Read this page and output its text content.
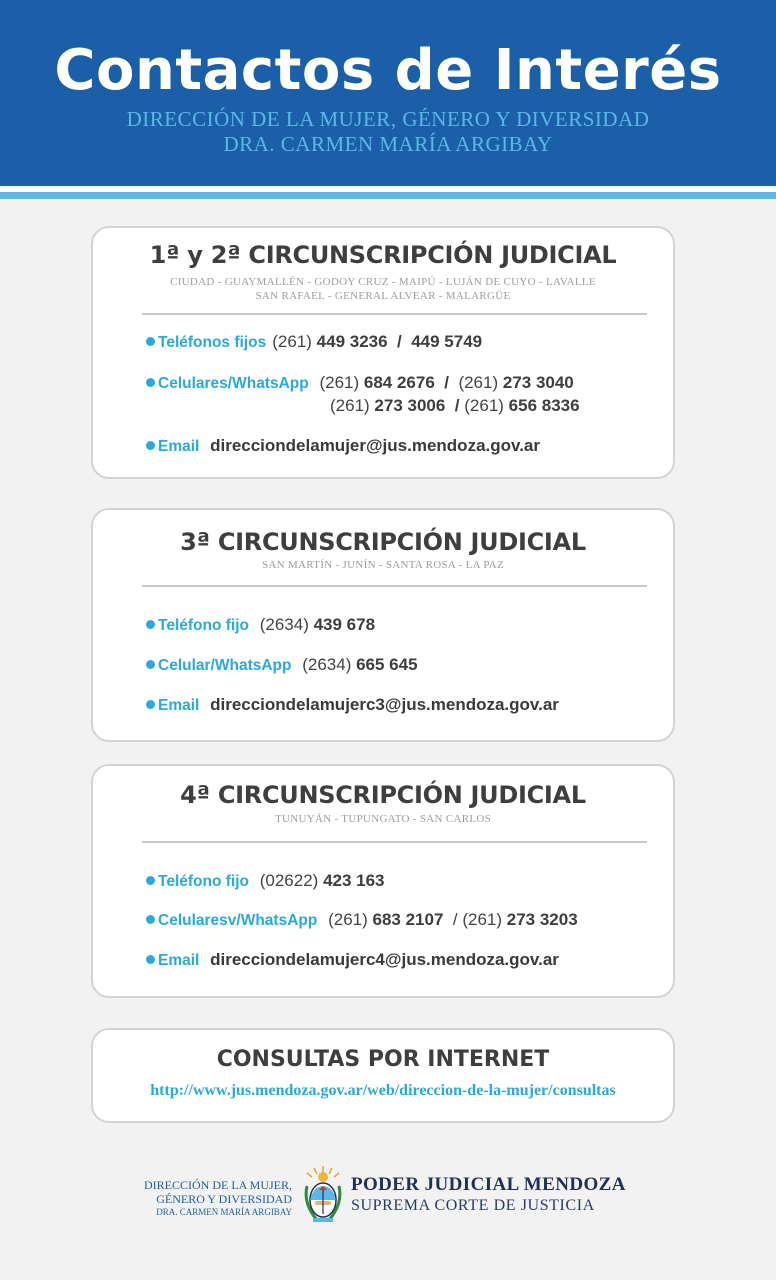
Contactos de Interés
DIRECCIÓN DE LA MUJER, GÉNERO Y DIVERSIDAD
DRA. CARMEN MARÍA ARGIBAY
1ª y 2ª CIRCUNSCRIPCIÓN JUDICIAL
CIUDAD - GUAYMALLÉN - GODOY CRUZ - MAIPÚ - LUJÁN DE CUYO - LAVALLE
SAN RAFAEL - GENERAL ALVEAR - MALARGÜE
Teléfonos fijos (261) 449 3236 / 449 5749
Celulares/WhatsApp (261) 684 2676 / (261) 273 3040
(261) 273 3006 / (261) 656 8336
Email direcciondelamujer@jus.mendoza.gov.ar
3ª CIRCUNSCRIPCIÓN JUDICIAL
SAN MARTÍN - JUNÍN - SANTA ROSA - LA PAZ
Teléfono fijo (2634) 439 678
Celular/WhatsApp (2634) 665 645
Email direcciondelamujerc3@jus.mendoza.gov.ar
4ª CIRCUNSCRIPCIÓN JUDICIAL
TUNUYÁN - TUPUNGATO - SAN CARLOS
Teléfono fijo (02622) 423 163
Celularesv/WhatsApp (261) 683 2107 / (261) 273 3203
Email direcciondelamujerc4@jus.mendoza.gov.ar
CONSULTAS POR INTERNET
http://www.jus.mendoza.gov.ar/web/direccion-de-la-mujer/consultas
DIRECCIÓN DE LA MUJER,
GÉNERO Y DIVERSIDAD
DRA. CARMEN MARÍA ARGIBAY
PODER JUDICIAL MENDOZA
SUPREMA CORTE DE JUSTICIA
